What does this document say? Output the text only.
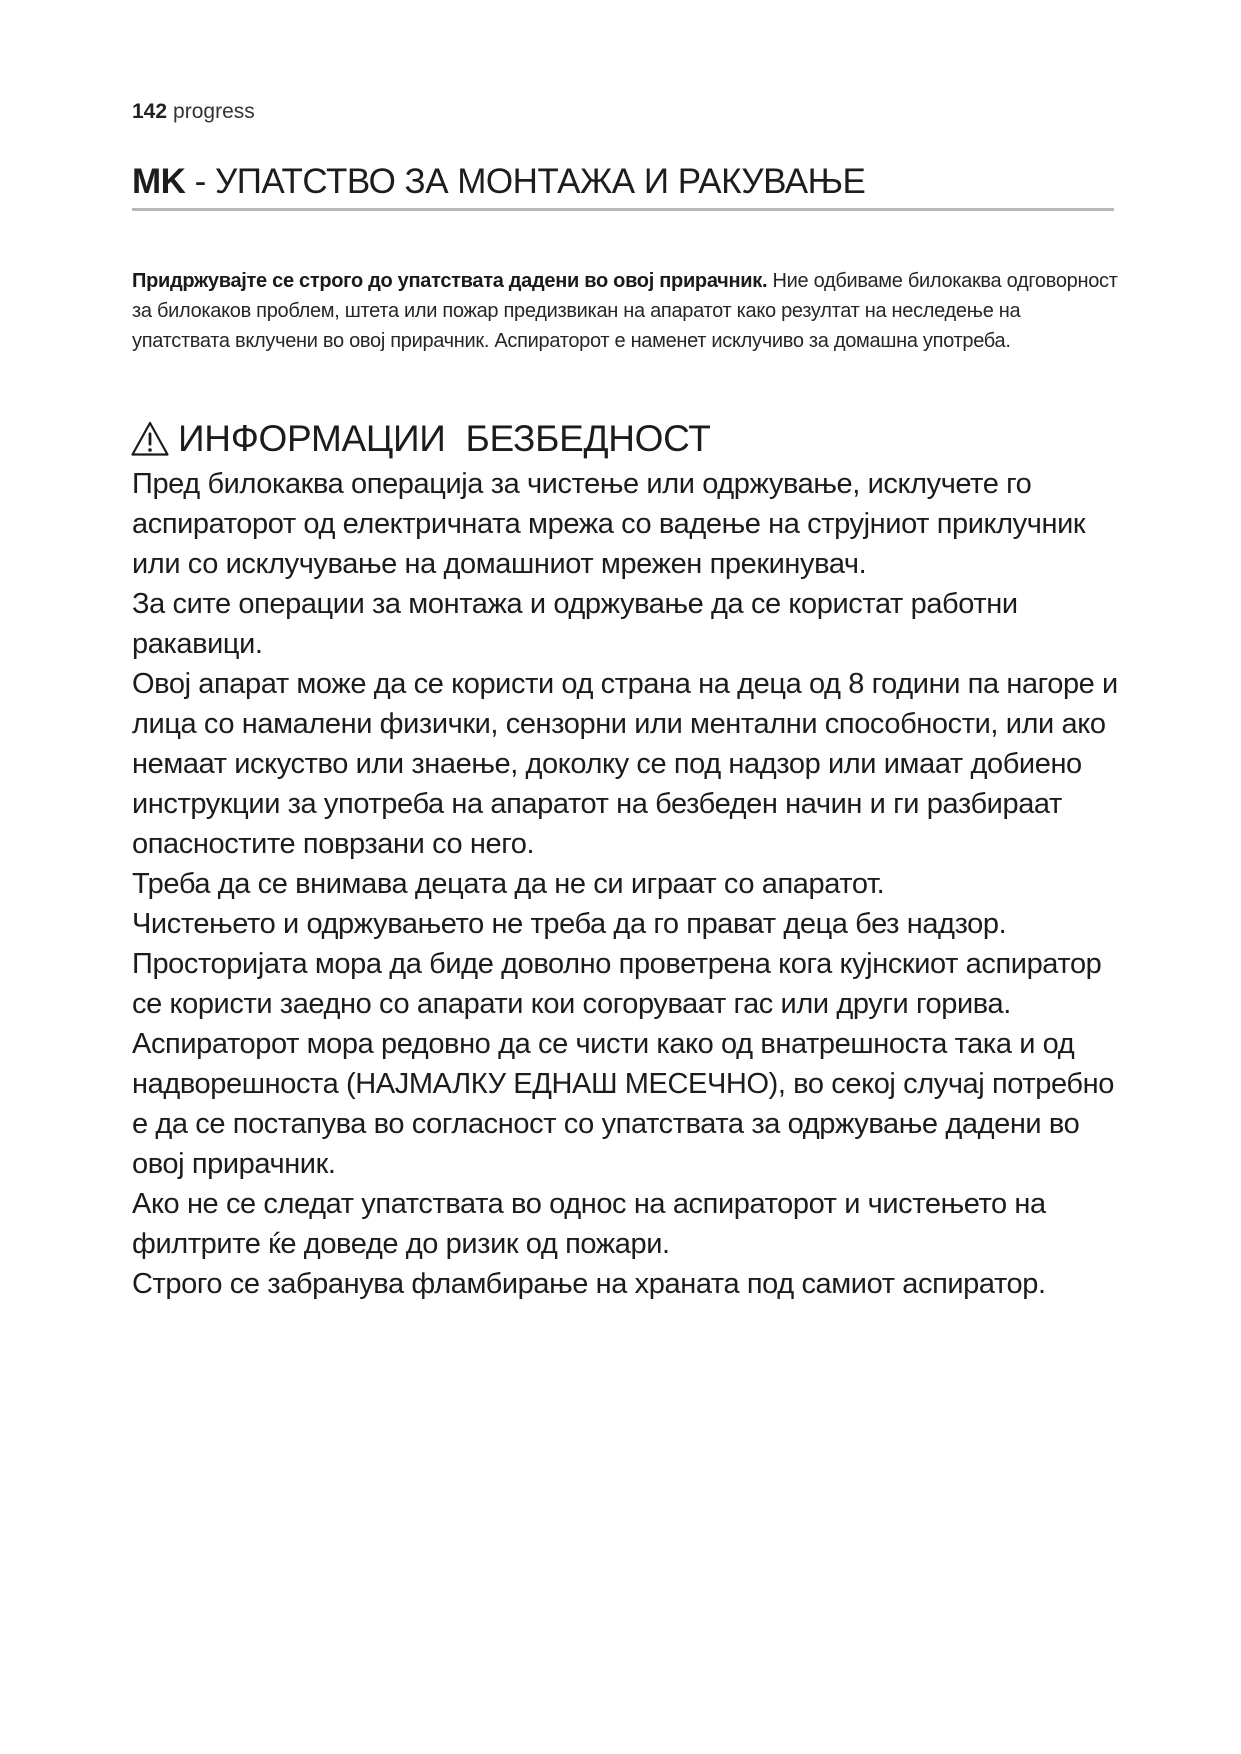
142 progress
MK - УПАТСТВО ЗА МОНТАЖА И РАКУВАЊЕ

Придржувајте се строго до упатствата дадени во овој прирачник. Ние одбиваме билокаква одговорност за билокаков проблем, штета или пожар предизвикан на апаратот како резултат на неследење на упатствата вклучени во овој прирачник. Аспираторот е наменет исклучиво за домашна употреба.

ИНФОРМАЦИИ  БЕЗБЕДНОСТ
Пред билокаква операција за чистење или одржување, исклучете го аспираторот од електричната мрежа со вадење на струјниот приклучник или со исклучување на домашниот мрежен прекинувач.
За сите операции за монтажа и одржување да се користат работни ракавици.
Овој апарат може да се користи од страна на деца од 8 години па нагоре и лица со намалени физички, сензорни или ментални способности, или ако немаат искуство или знаење, доколку се под надзор или имаат добиено инструкции за употреба на апаратот на безбеден начин и ги разбираат опасностите поврзани со него.
Треба да се внимава децата да не си играат со апаратот.
Чистењето и одржувањето не треба да го прават деца без надзор.
Просторијата мора да биде доволно проветрена кога кујнскиот аспиратор се користи заедно со апарати кои согоруваат гас или други горива.
Аспираторот мора редовно да се чисти како од внатрешноста така и од надворешноста (НАЈМАЛКУ ЕДНАШ МЕСЕЧНО), во секој случај потребно е да се постапува во согласност со упатствата за одржување дадени во овој прирачник.
Ако не се следат упатствата во однос на аспираторот и чистењето на филтрите ќе доведе до ризик од пожари.
Строго се забранува фламбирање на храната под самиот аспиратор.
